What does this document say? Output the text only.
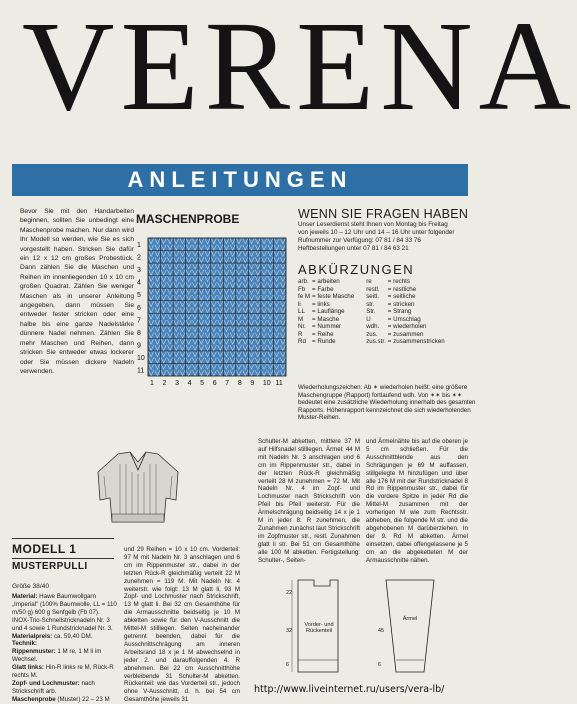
VERENA
ANLEITUNGEN
Bevor Sie mit den Handarbeiten beginnen, sollten Sie unbedingt eine Maschenprobe machen. Nur dann wird Ihr Modell so werden, wie Sie es sich vorgestellt haben. Stricken Sie dafür ein 12 x 12 cm großes Probestück. Dann zählen Sie die Maschen und Reihen im innenliegenden 10 x 10 cm großen Quadrat. Zählen Sie weniger Maschen als in unserer Anleitung angegeben, dann müssen Sie entweder fester stricken oder eine halbe bis eine ganze Nadelstärke dünnere Nadel nehmen. Zählen Sie mehr Maschen und Reihen, dann stricken Sie entweder etwas lockerer oder Sie müssen dickere Nadeln verwenden.
MASCHENPROBE
1
2
3
4
5
6
7
8
9
10
11
1 2 3 4 5 6 7 8 9 10 11
WENN SIE FRAGEN HABEN
Unser Leserdienst steht Ihnen von Montag bis Freitag
von jeweils 10 – 12 Uhr und 14 – 16 Uhr unter folgender
Rufnummer zur Verfügung: 07 81 / 84 33 76
Heftbestellungen unter 07 81 / 84 63 21
ABKÜRZUNGEN
arb.	= arbeiten	re	= rechts
Fb	= Farbe	restl.	= restliche
fe M	= feste Masche	seitl.	= seitliche
li	= links	str.	= stricken
LL	= Lauflänge	Str.	= Strang
M	= Masche	U	= Umschlag
Nr.	= Nummer	wdh.	= wiederholen
R	= Reihe	zus.	= zusammen
Rd	= Runde	zus.str.	= zusammenstricken
Wiederholungszeichen: Ab ✶ wiederholen heißt: eine größere Maschengruppe (Rapport) fortlaufend wdh. Von ✶✶ bis ✶✶ bedeutet eine zusätzliche Wiederholung innerhalb des gesamten Rapports. Höhenrapport kennzeichnet die sich wiederholenden Muster-Reihen.
MODELL 1
MUSTERPULLI
Größe 38/40
Material: Hawe Baumwollgarn „Imperial" (100% Baumwolle, LL = 110 m/50 g) 600 g Senfgelb (Fb 07). INOX-Trio-Schnellstricknadeln Nr. 3 und 4 sowie 1 Rundstricknadel Nr. 3.
Materialpreis: ca. 59,40 DM.
Technik:
Rippenmuster: 1 M re, 1 M li im Wechsel.
Glatt links: Hin-R links re M, Rück-R rechts M.
Zopf- und Lochmuster: nach Strickschrift arb.
Maschenprobe (Muster) 22 – 23 M
und 29 Reihen = 10 x 10 cm. Vorderteil: 97 M mit Nadeln Nr. 3 anschlagen und 6 cm im Rippenmuster str., dabei in der letzten Rück-R gleichmäßig verteilt 22 M zunehmen = 119 M. Mit Nadeln Nr. 4 weiterstr. wie folgt: 13 M glatt li, 93 M Zopf- und Lochmuster nach Strickschrift, 13 M glatt li. Bei 32 cm Gesamthöhe für die Armausschnitte beidseitig je 10 M abketten sowie für den V-Ausschnitt die Mittel-M stilllegen. Seiten nacheinander getrennt beenden, dabei für die Ausschnittschrägung am inneren Arbeitsrand 18 x je 1 M abwechselnd in jeder 2. und darauffolgenden 4. R abnehmen. Bei 22 cm Ausschnitthöhe verbleibende 31 Schulter-M abketten. Rückenteil: wie das Vorderteil str., jedoch ohne V-Ausschnitt, d. h. bei 54 cm Gesamthöhe jeweils 31
Schulter-M abketten, mittlere 37 M auf Hilfsnadel stilllegen. Ärmel: 44 M mit Nadeln Nr. 3 anschlagen und 6 cm im Rippenmuster str., dabei in der letzten Rück-R gleichmäßig verteilt 28 M zunehmen = 72 M. Mit Nadeln Nr. 4 im Zopf- und Lochmuster nach Strickschrift von Pfeil bis Pfeil weiterstr. Für die Ärmelschrägung beidseitig 14 x je 1 M in jeder 8. R zunehmen, die Zunahmen zunächst laut Strickschrift im Zopfmuster str., restl. Zunahmen glatt li str. Bei 51 cm Gesamthöhe alle 100 M abketten. Fertigstellung: Schulter-, Seiten-
und Ärmelnähte bis auf die oberen je 5 cm schließen. Für die Ausschnittblende aus den Schrägungen je 69 M auffassen, stillgelegte M hinzufügen und über alle 176 M mit der Rundstricknadel 8 Rd im Rippenmuster str., dabei für die vordere Spitze in jeder Rd die Mittel-M zusammen mit der vorherigen M wie zum Rechtsstr. abheben, die folgende M str. und die abgehobenen M darüberziehen. In der 9. Rd M abketten. Ärmel einsetzen, dabei offengelassene je 5 cm an die abgeketteten M der Armausschnitte nähen.
Vorder- und Rückenteil
22
32
6
Ärmel
45
6
http://www.liveinternet.ru/users/vera-lb/
